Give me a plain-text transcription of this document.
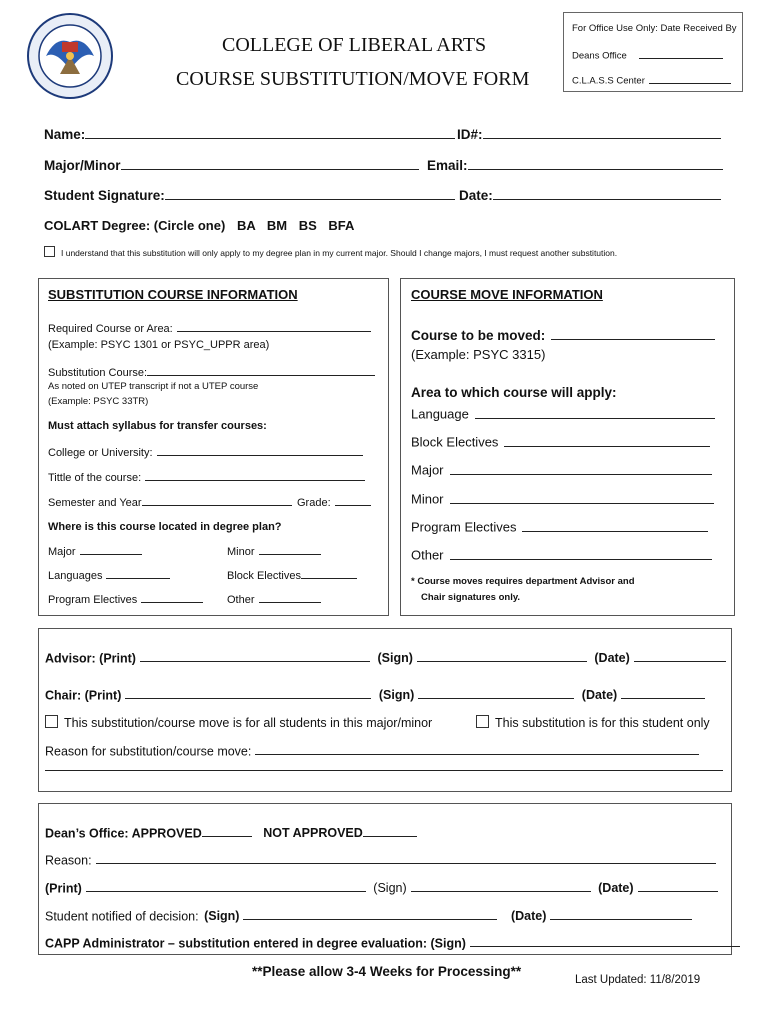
COLLEGE OF LIBERAL ARTS
COURSE SUBSTITUTION/MOVE FORM
For Office Use Only: Date Received By
Deans Office
C.L.A.S.S Center
Name:	ID#:
Major/Minor	Email:
Student Signature:	Date:
COLART Degree: (Circle one) BA BM BS BFA
I understand that this substitution will only apply to my degree plan in my current major. Should I change majors, I must request another substitution.
SUBSTITUTION COURSE INFORMATION
Required Course or Area:
(Example: PSYC 1301 or PSYC_UPPR area)
Substitution Course:
As noted on UTEP transcript if not a UTEP course
(Example: PSYC 33TR)
Must attach syllabus for transfer courses:
College or University:
Tittle of the course:
Semester and Year	Grade:
Where is this course located in degree plan?
Major	Minor
Languages	Block Electives
Program Electives	Other
COURSE MOVE INFORMATION
Course to be moved:
(Example: PSYC 3315)
Area to which course will apply:
Language
Block Electives
Major
Minor
Program Electives
Other
* Course moves requires department Advisor and
Chair signatures only.
Advisor: (Print)	(Sign)	(Date)
Chair: (Print)	(Sign)	(Date)
This substitution/course move is for all students in this major/minor	This substitution is for this student only
Reason for substitution/course move:
Dean’s Office: APPROVED	NOT APPROVED
Reason:
(Print)	(Sign)	(Date)
Student notified of decision: (Sign)	(Date)
CAPP Administrator – substitution entered in degree evaluation: (Sign)
**Please allow 3-4 Weeks for Processing**
Last Updated: 11/8/2019
